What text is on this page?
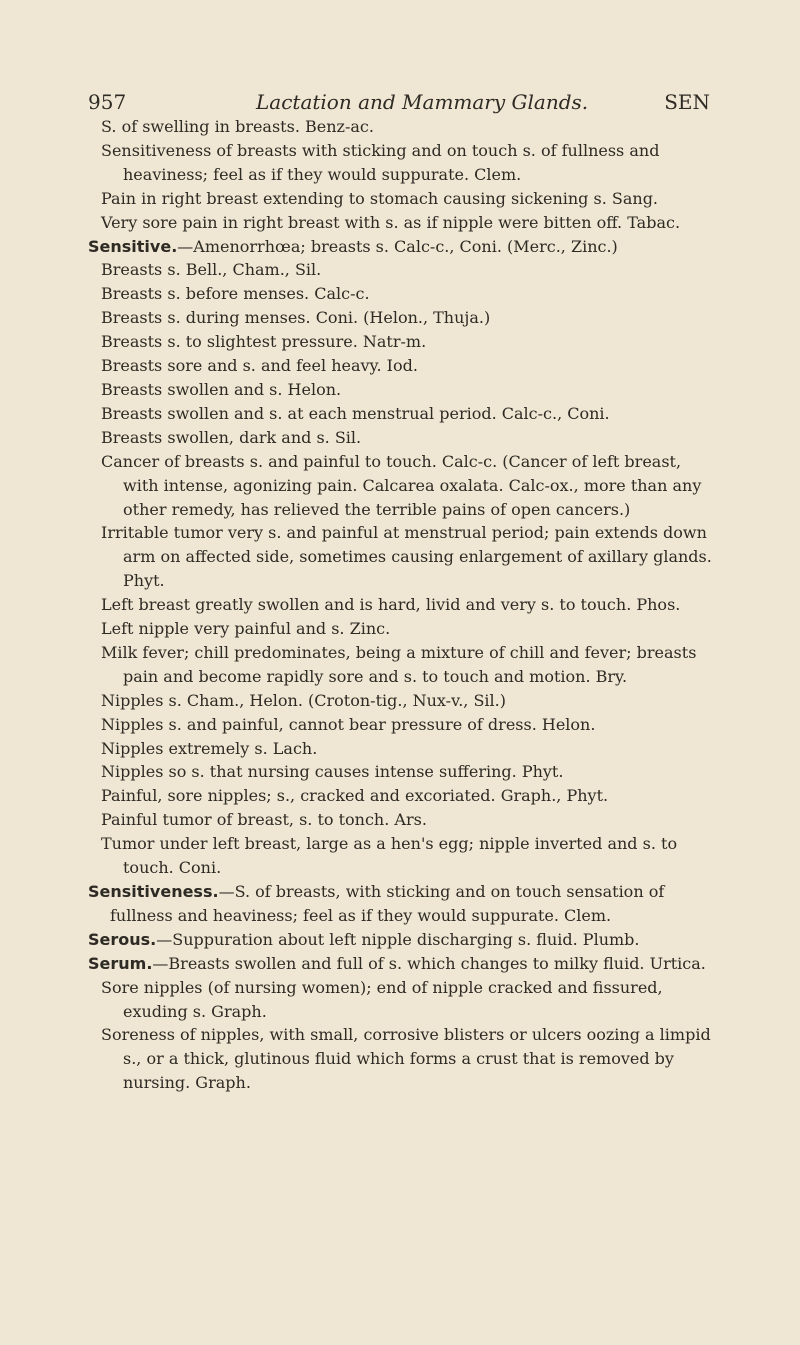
957	Lactation and Mammary Glands.	SEN

S. of swelling in breasts. Benz-ac.

Sensitiveness of breasts with sticking and on touch s. of fullness and heaviness; feel as if they would suppurate. Clem.

Pain in right breast extending to stomach causing sickening s. Sang.

Very sore pain in right breast with s. as if nipple were bitten off. Tabac.

Sensitive.—Amenorrhœa; breasts s. Calc-c., Coni. (Merc., Zinc.)

Breasts s. Bell., Cham., Sil.

Breasts s. before menses. Calc-c.

Breasts s. during menses. Coni. (Helon., Thuja.)

Breasts s. to slightest pressure. Natr-m.

Breasts sore and s. and feel heavy. Iod.

Breasts swollen and s. Helon.

Breasts swollen and s. at each menstrual period. Calc-c., Coni.

Breasts swollen, dark and s. Sil.

Cancer of breasts s. and painful to touch. Calc-c. (Cancer of left breast, with intense, agonizing pain. Calcarea oxalata. Calc-ox., more than any other remedy, has relieved the terrible pains of open cancers.)

Irritable tumor very s. and painful at menstrual period; pain extends down arm on affected side, sometimes causing enlargement of axillary glands. Phyt.

Left breast greatly swollen and is hard, livid and very s. to touch. Phos.

Left nipple very painful and s. Zinc.

Milk fever; chill predominates, being a mixture of chill and fever; breasts pain and become rapidly sore and s. to touch and motion. Bry.

Nipples s. Cham., Helon. (Croton-tig., Nux-v., Sil.)

Nipples s. and painful, cannot bear pressure of dress. Helon.

Nipples extremely s. Lach.

Nipples so s. that nursing causes intense suffering. Phyt.

Painful, sore nipples; s., cracked and excoriated. Graph., Phyt.

Painful tumor of breast, s. to tonch. Ars.

Tumor under left breast, large as a hen's egg; nipple inverted and s. to touch. Coni.

Sensitiveness.—S. of breasts, with sticking and on touch sensation of fullness and heaviness; feel as if they would suppurate. Clem.

Serous.—Suppuration about left nipple discharging s. fluid. Plumb.

Serum.—Breasts swollen and full of s. which changes to milky fluid. Urtica.

Sore nipples (of nursing women); end of nipple cracked and fissured, exuding s. Graph.

Soreness of nipples, with small, corrosive blisters or ulcers oozing a limpid s., or a thick, glutinous fluid which forms a crust that is removed by nursing. Graph.
